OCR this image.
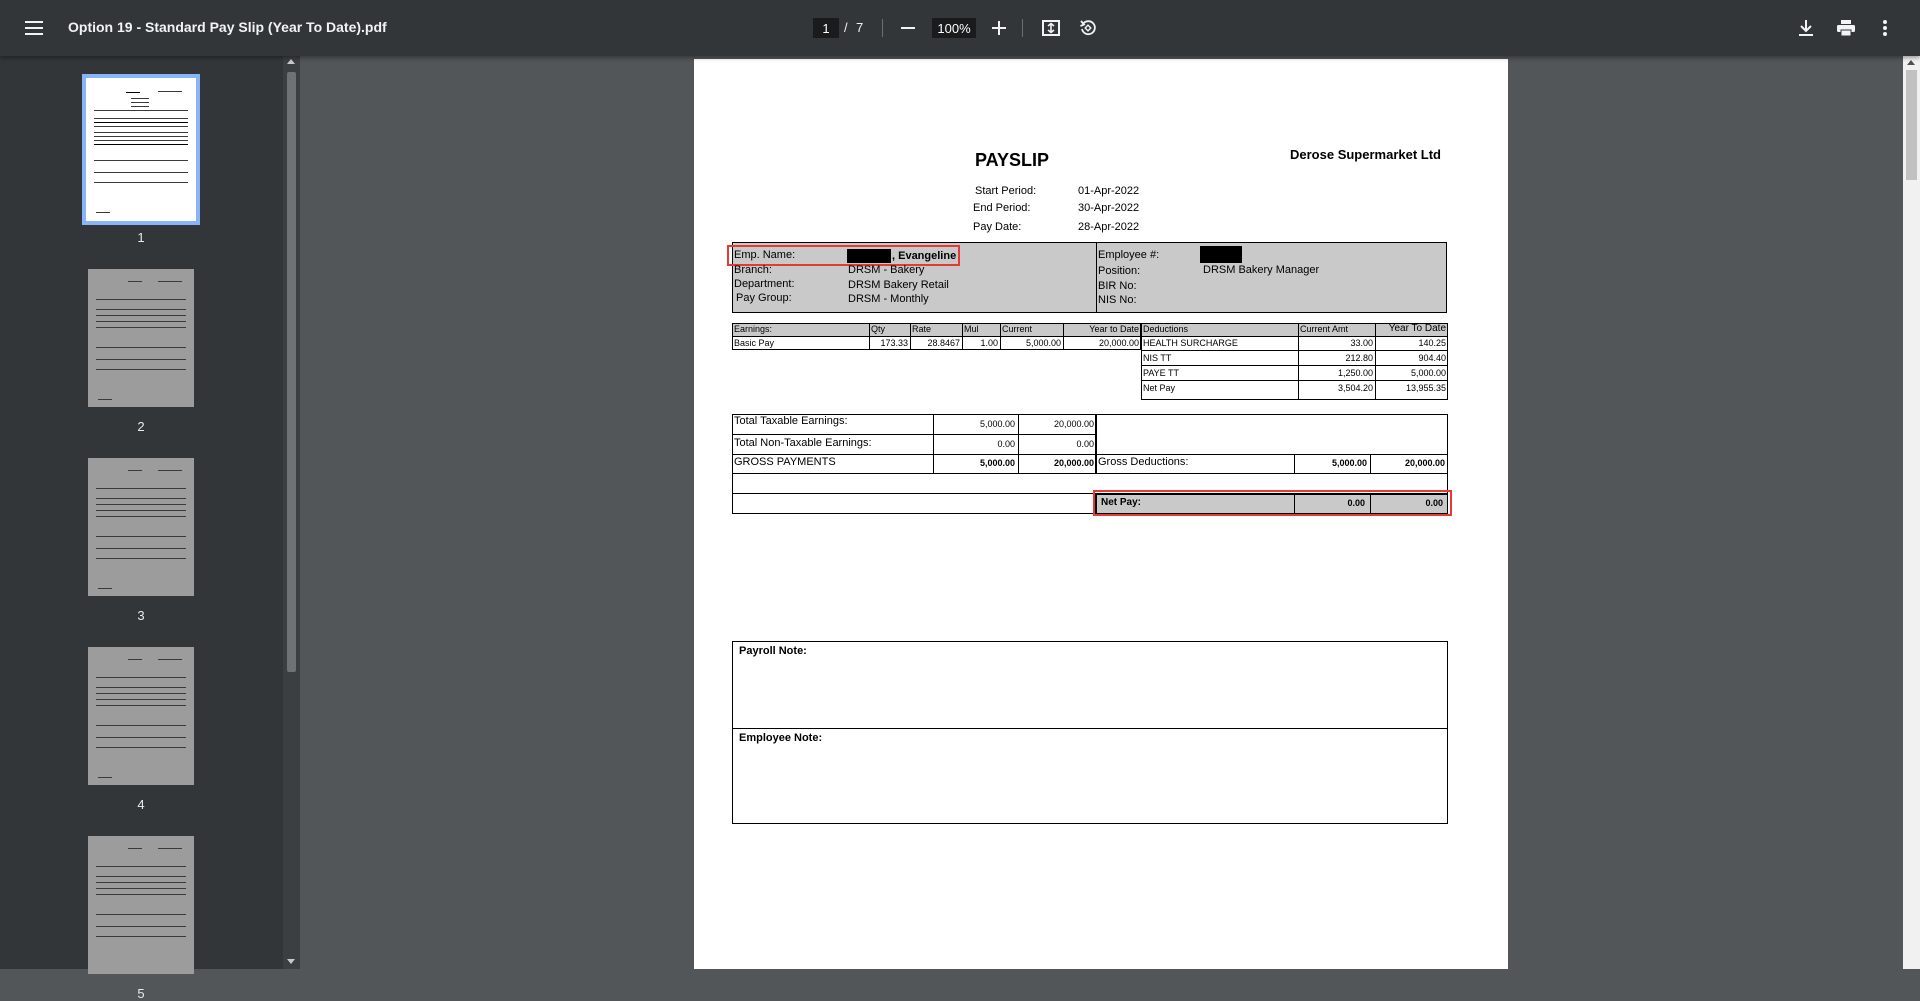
Option 19 - Standard Pay Slip (Year To Date).pdf	1	/ 7	100%
1
2
3
4
5
PAYSLIP	Derose Supermarket Ltd
Start Period:	01-Apr-2022
End Period:	30-Apr-2022
Pay Date:	28-Apr-2022
Emp. Name:	, Evangeline
Branch:	DRSM - Bakery
Department:	DRSM Bakery Retail
Pay Group:	DRSM - Monthly
Employee #:
Position:	DRSM Bakery Manager
BIR No:
NIS No:
Earnings:	Qty	Rate	Mul	Current	Year to Date
Basic Pay	173.33	28.8467	1.00	5,000.00	20,000.00
Deductions	Current Amt	Year To Date
HEALTH SURCHARGE	33.00	140.25
NIS TT	212.80	904.40
PAYE TT	1,250.00	5,000.00
Net Pay	3,504.20	13,955.35
Total Taxable Earnings:	5,000.00	20,000.00
Total Non-Taxable Earnings:	0.00	0.00
GROSS PAYMENTS	5,000.00	20,000.00 Gross Deductions:	5,000.00	20,000.00
Net Pay:	0.00	0.00
Payroll Note:
Employee Note:
